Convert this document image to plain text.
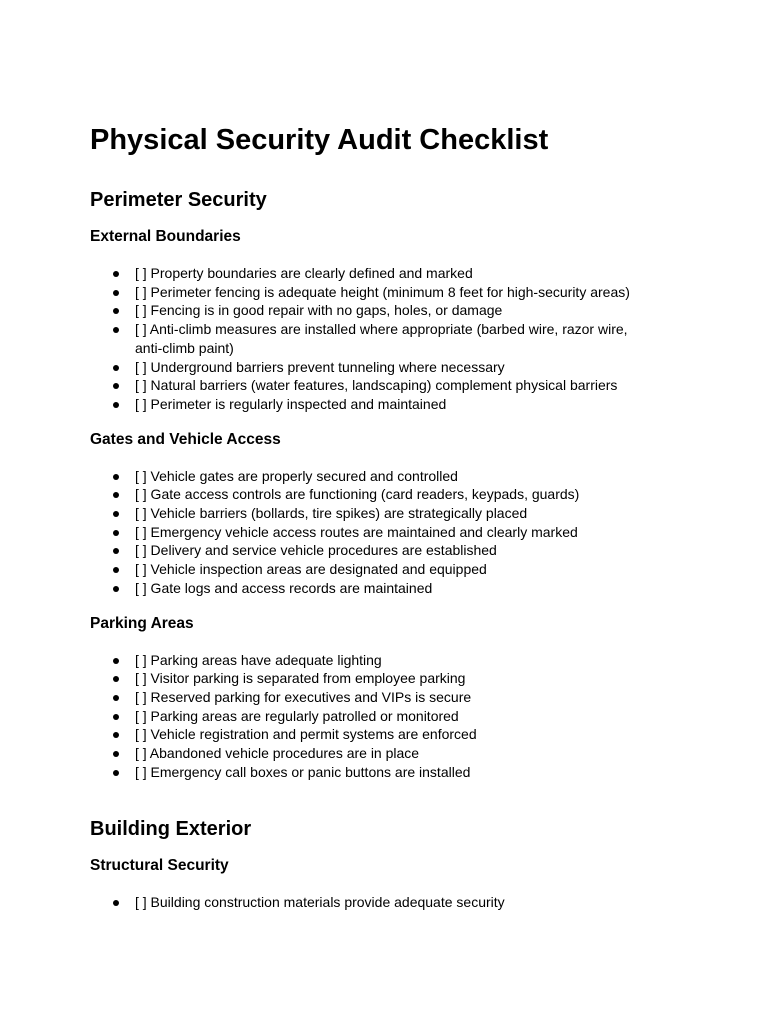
Physical Security Audit Checklist
Perimeter Security
External Boundaries
[ ] Property boundaries are clearly defined and marked
[ ] Perimeter fencing is adequate height (minimum 8 feet for high-security areas)
[ ] Fencing is in good repair with no gaps, holes, or damage
[ ] Anti-climb measures are installed where appropriate (barbed wire, razor wire, anti-climb paint)
[ ] Underground barriers prevent tunneling where necessary
[ ] Natural barriers (water features, landscaping) complement physical barriers
[ ] Perimeter is regularly inspected and maintained
Gates and Vehicle Access
[ ] Vehicle gates are properly secured and controlled
[ ] Gate access controls are functioning (card readers, keypads, guards)
[ ] Vehicle barriers (bollards, tire spikes) are strategically placed
[ ] Emergency vehicle access routes are maintained and clearly marked
[ ] Delivery and service vehicle procedures are established
[ ] Vehicle inspection areas are designated and equipped
[ ] Gate logs and access records are maintained
Parking Areas
[ ] Parking areas have adequate lighting
[ ] Visitor parking is separated from employee parking
[ ] Reserved parking for executives and VIPs is secure
[ ] Parking areas are regularly patrolled or monitored
[ ] Vehicle registration and permit systems are enforced
[ ] Abandoned vehicle procedures are in place
[ ] Emergency call boxes or panic buttons are installed
Building Exterior
Structural Security
[ ] Building construction materials provide adequate security
